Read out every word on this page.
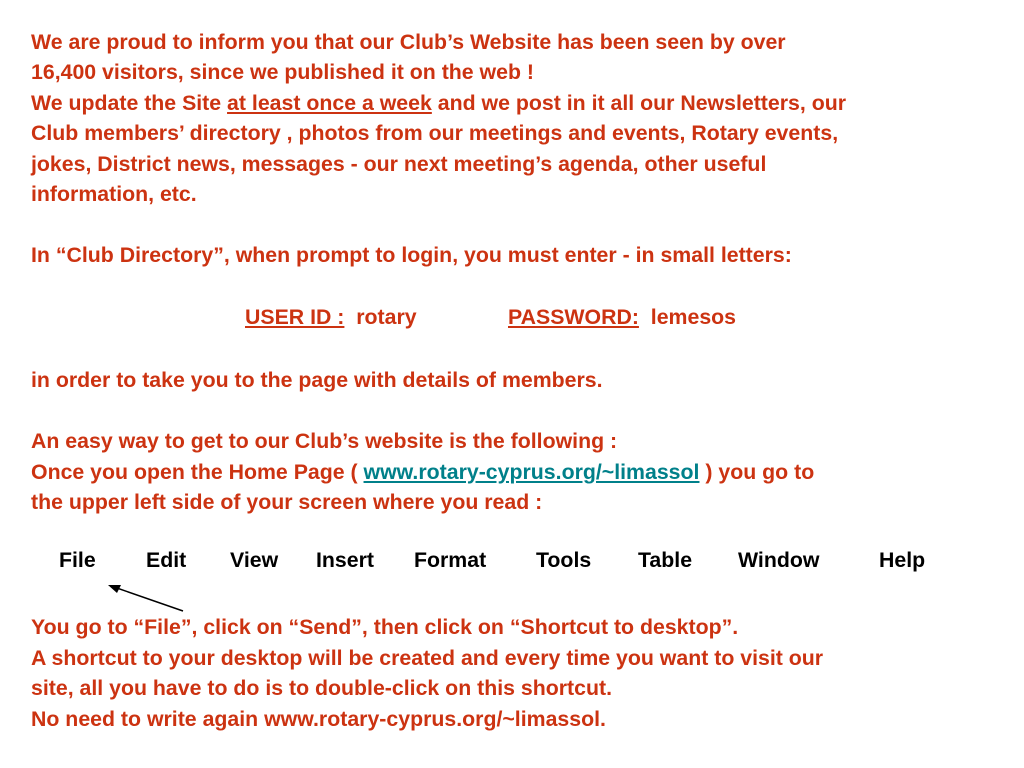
We are proud to inform you that our Club’s Website has been seen by over
16,400 visitors, since we published it on the web !
We update the Site at least once a week and we post in it all our Newsletters, our
Club members’ directory , photos from our meetings and events, Rotary events,
jokes, District news, messages - our next meeting’s agenda, other useful
information, etc.
In “Club Directory”, when prompt to login, you must enter - in small letters:
USER ID : rotary	PASSWORD: lemesos
in order to take you to the page with details of members.
An easy way to get to our Club’s website is the following :
Once you open the Home Page ( www.rotary-cyprus.org/~limassol ) you go to
the upper left side of your screen where you read :
File Edit View Insert Format Tools Table Window	Help
You go to “File”, click on “Send”, then click on “Shortcut to desktop”.
A shortcut to your desktop will be created and every time you want to visit our
site, all you have to do is to double-click on this shortcut.
No need to write again www.rotary-cyprus.org/~limassol.
